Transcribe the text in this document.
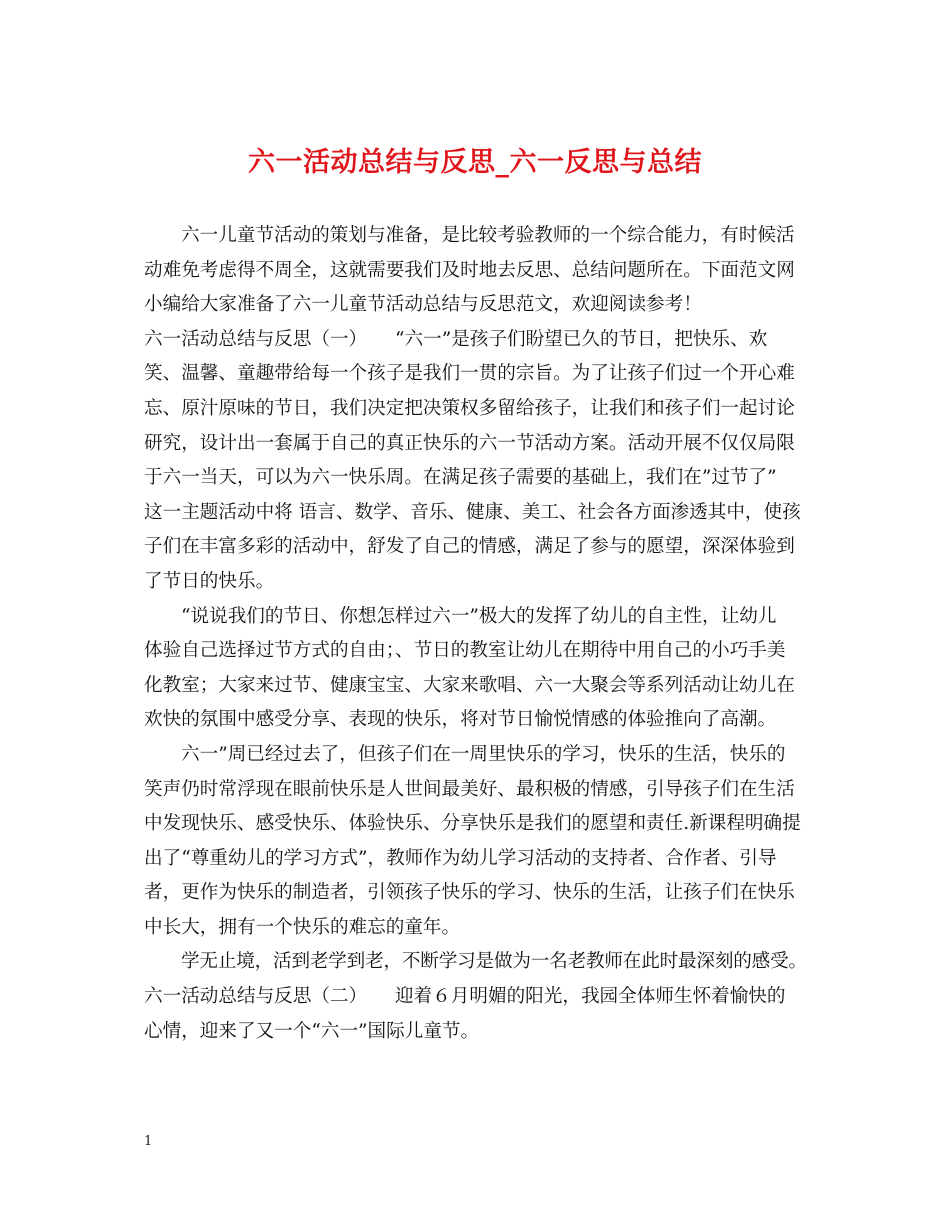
六一活动总结与反思_六一反思与总结
六一儿童节活动的策划与准备，是比较考验教师的一个综合能力，有时候活
动难免考虑得不周全，这就需要我们及时地去反思、总结问题所在。下面范文网
小编给大家准备了六一儿童节活动总结与反思范文，欢迎阅读参考！
六一活动总结与反思（一）　　“六一”是孩子们盼望已久的节日，把快乐、欢
笑、温馨、童趣带给每一个孩子是我们一贯的宗旨。为了让孩子们过一个开心难
忘、原汁原味的节日，我们决定把决策权多留给孩子，让我们和孩子们一起讨论
研究，设计出一套属于自己的真正快乐的六一节活动方案。活动开展不仅仅局限
于六一当天，可以为六一快乐周。在满足孩子需要的基础上，我们在”过节了”
这一主题活动中将 语言、数学、音乐、健康、美工、社会各方面渗透其中，使孩
子们在丰富多彩的活动中，舒发了自己的情感，满足了参与的愿望，深深体验到
了节日的快乐。
“说说我们的节日、你想怎样过六一”极大的发挥了幼儿的自主性，让幼儿
体验自己选择过节方式的自由；、节日的教室让幼儿在期待中用自己的小巧手美
化教室；大家来过节、健康宝宝、大家来歌唱、六一大聚会等系列活动让幼儿在
欢快的氛围中感受分享、表现的快乐，将对节日愉悦情感的体验推向了高潮。
六一”周已经过去了，但孩子们在一周里快乐的学习，快乐的生活，快乐的
笑声仍时常浮现在眼前快乐是人世间最美好、最积极的情感，引导孩子们在生活
中发现快乐、感受快乐、体验快乐、分享快乐是我们的愿望和责任.新课程明确提
出了“尊重幼儿的学习方式”，教师作为幼儿学习活动的支持者、合作者、引导
者，更作为快乐的制造者，引领孩子快乐的学习、快乐的生活，让孩子们在快乐
中长大，拥有一个快乐的难忘的童年。
学无止境，活到老学到老，不断学习是做为一名老教师在此时最深刻的感受。
六一活动总结与反思（二）　　迎着６月明媚的阳光，我园全体师生怀着愉快的
心情，迎来了又一个“六一”国际儿童节。
1
